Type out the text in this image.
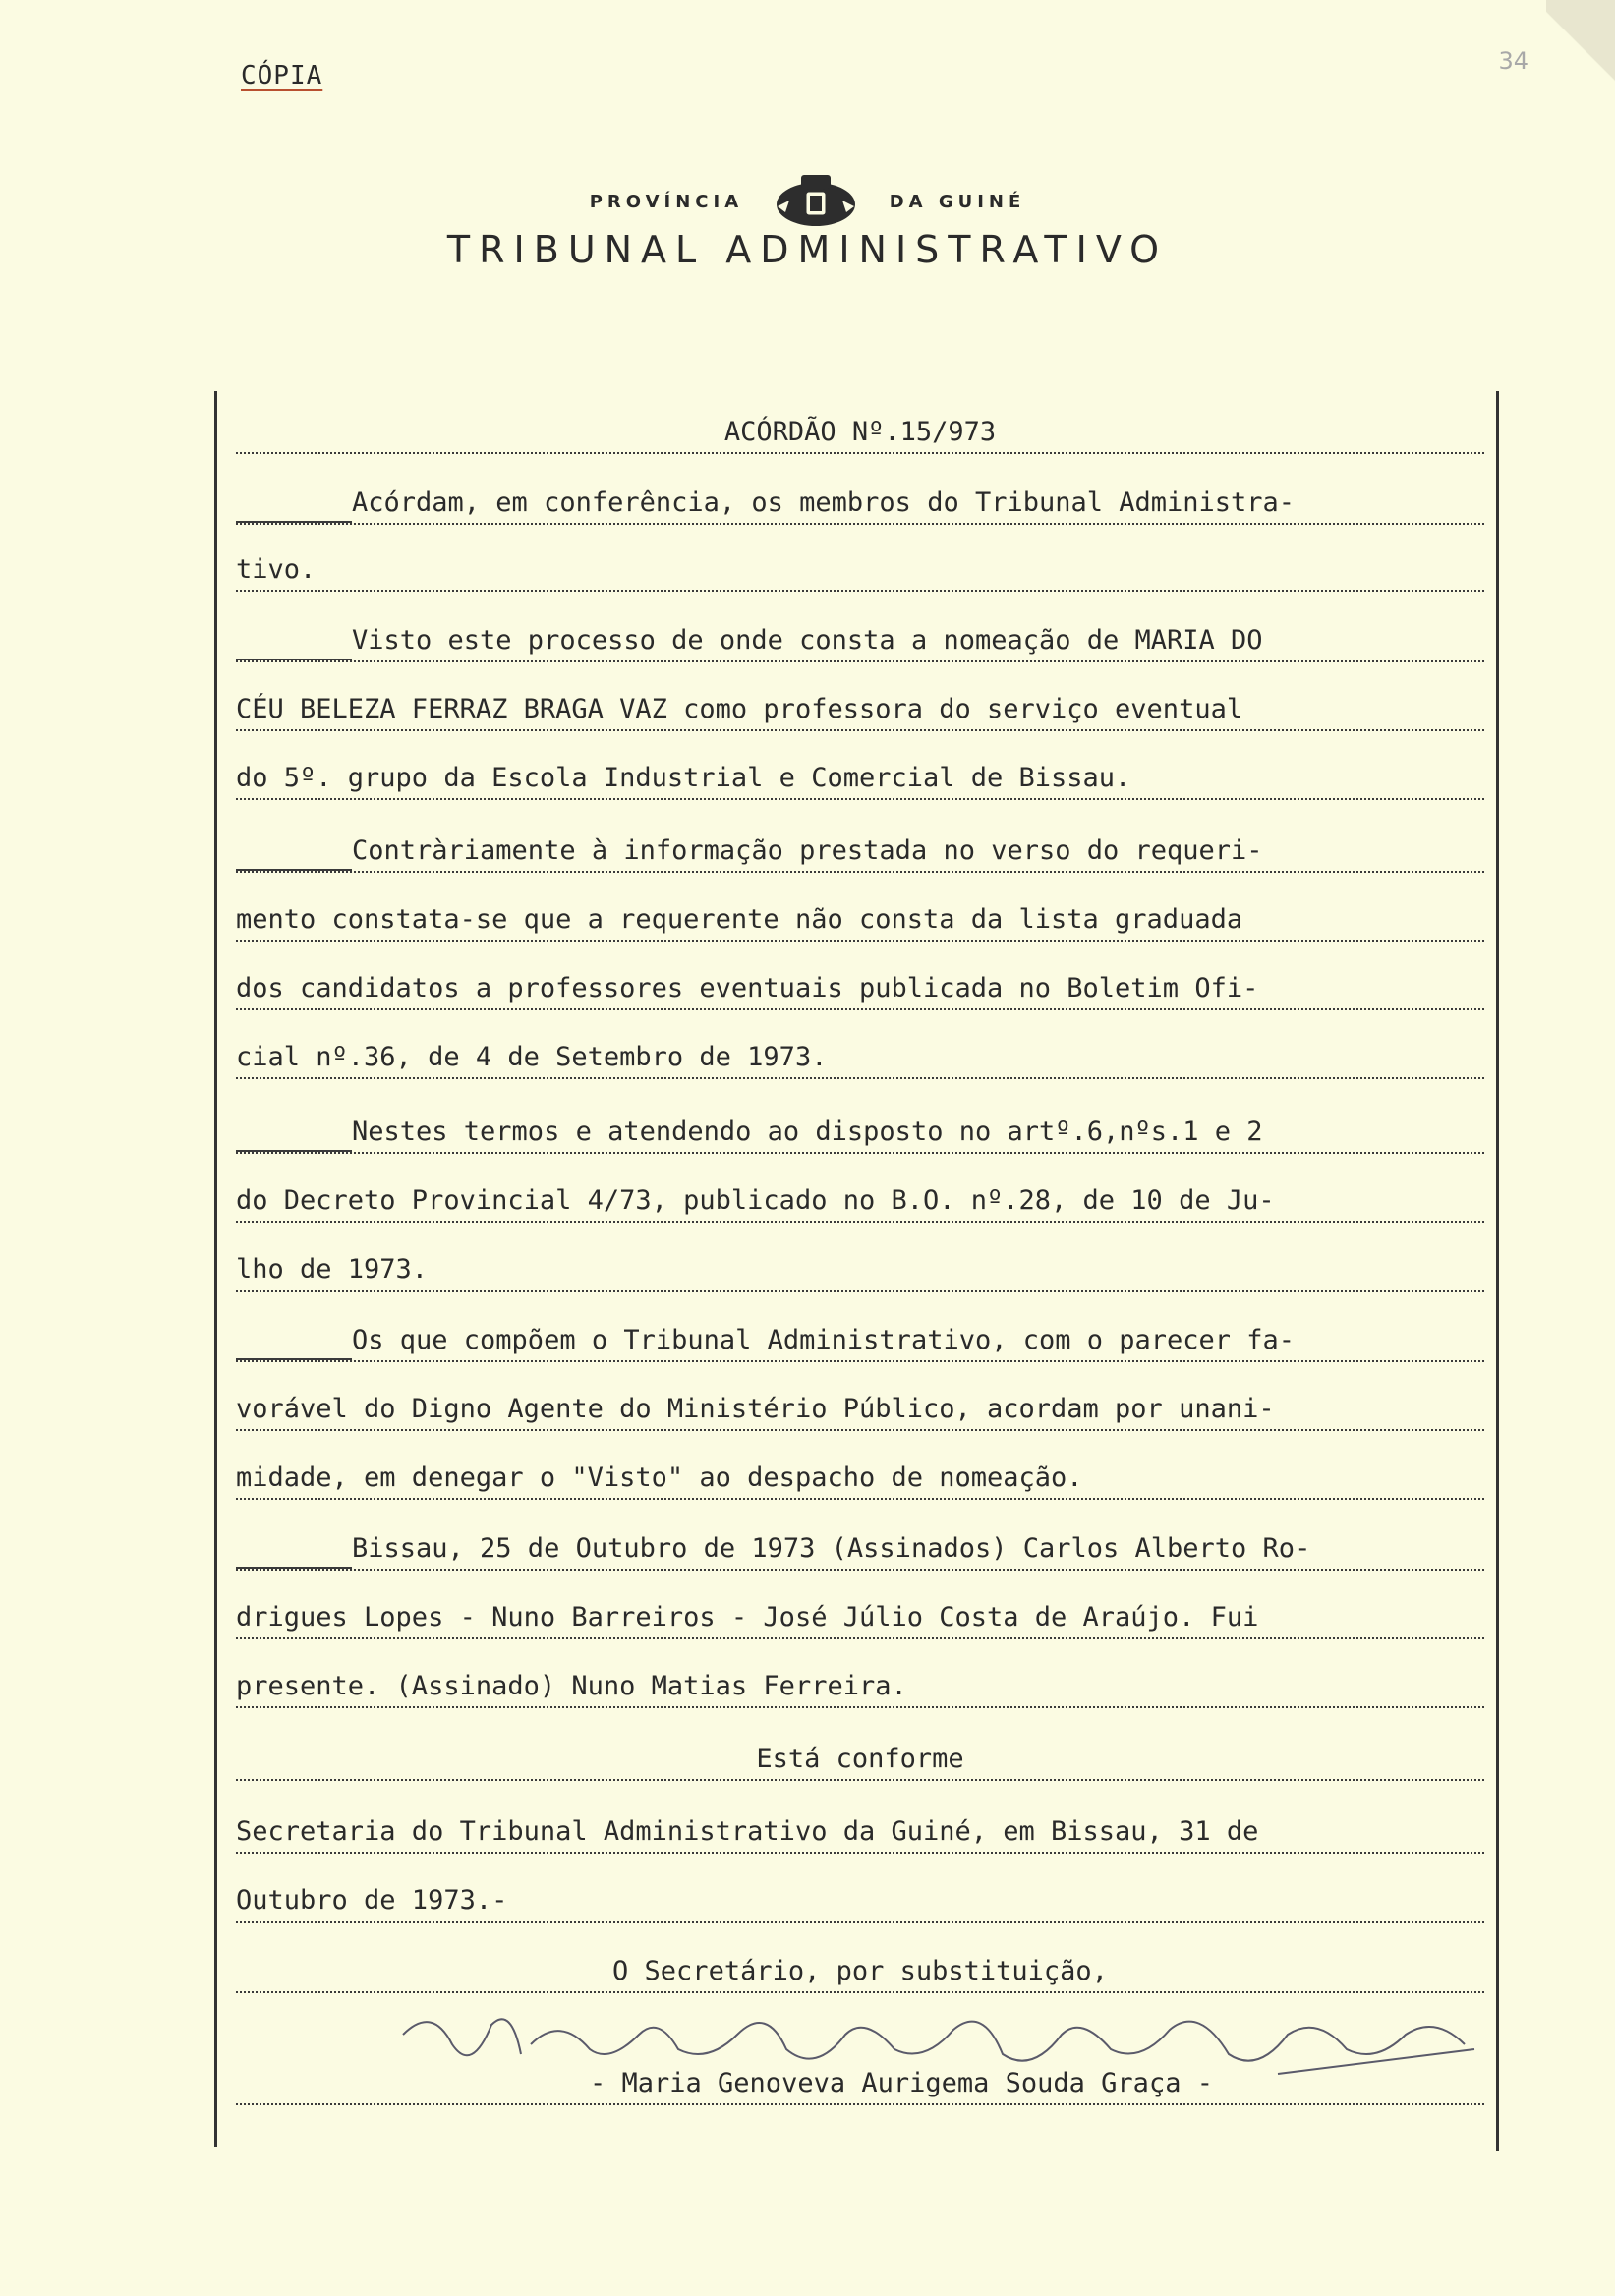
CÓPIA	34
PROVÍNCIA	DA GUINÉ
TRIBUNAL ADMINISTRATIVO
ACÓRDÃO Nº.15/973
Acórdam, em conferência, os membros do Tribunal Administra-
tivo.
Visto este processo de onde consta a nomeação de MARIA DO
CÉU BELEZA FERRAZ BRAGA VAZ como professora do serviço eventual
do 5º. grupo da Escola Industrial e Comercial de Bissau.
Contràriamente à informação prestada no verso do requeri-
mento constata-se que a requerente não consta da lista graduada
dos candidatos a professores eventuais publicada no Boletim Ofi-
cial nº.36, de 4 de Setembro de 1973.
Nestes termos e atendendo ao disposto no artº.6,nºs.1 e 2
do Decreto Provincial 4/73, publicado no B.O. nº.28, de 10 de Ju-
lho de 1973.
Os que compõem o Tribunal Administrativo, com o parecer fa-
vorável do Digno Agente do Ministério Público, acordam por unani-
midade, em denegar o "Visto" ao despacho de nomeação.
Bissau, 25 de Outubro de 1973 (Assinados) Carlos Alberto Ro-
drigues Lopes - Nuno Barreiros - José Júlio Costa de Araújo. Fui
presente. (Assinado) Nuno Matias Ferreira.
Está conforme
Secretaria do Tribunal Administrativo da Guiné, em Bissau, 31 de
Outubro de 1973.-
O Secretário, por substituição,
- Maria Genoveva Aurigema Souda Graça -
